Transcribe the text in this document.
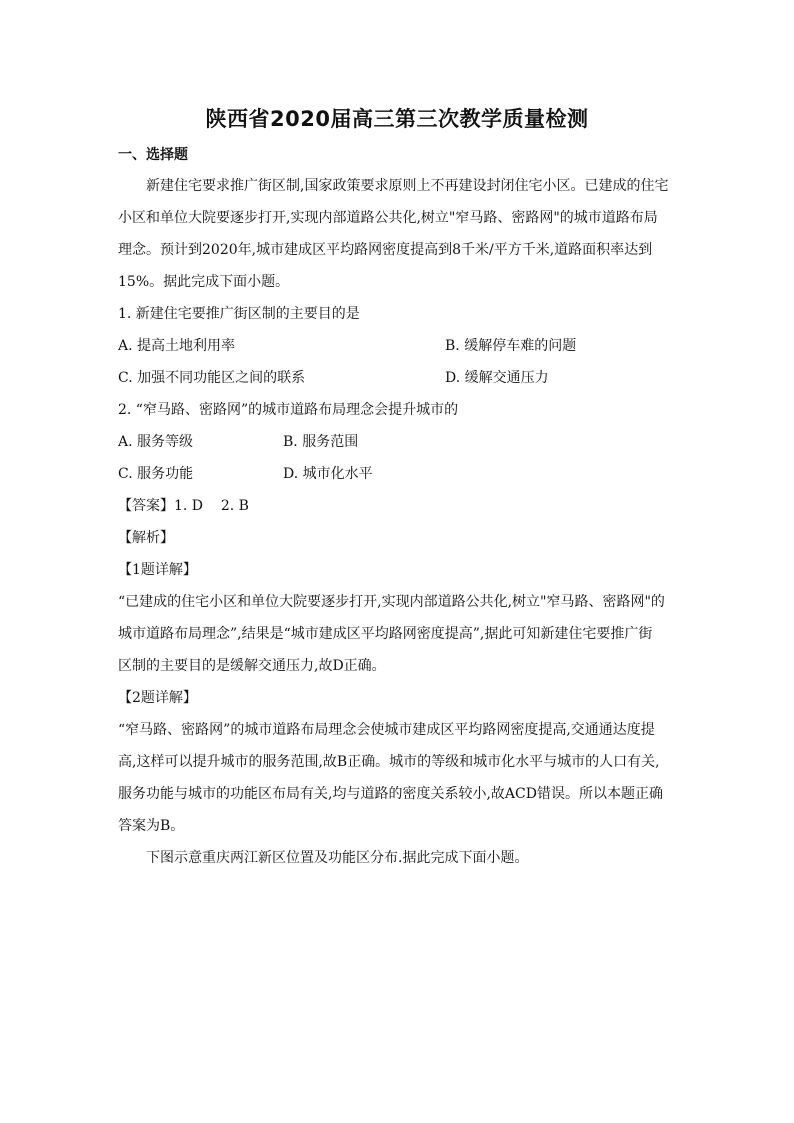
陕西省2020届高三第三次教学质量检测
一、选择题
新建住宅要求推广街区制,国家政策要求原则上不再建设封闭住宅小区。已建成的住宅
小区和单位大院要逐步打开,实现内部道路公共化,树立"窄马路、密路网"的城市道路布局
理念。预计到2020年,城市建成区平均路网密度提高到8千米/平方千米,道路面积率达到
15%。据此完成下面小题。
1. 新建住宅要推广街区制的主要目的是
A. 提高土地利用率	B. 缓解停车难的问题
C. 加强不同功能区之间的联系	D. 缓解交通压力
2. “窄马路、密路网”的城市道路布局理念会提升城市的
A. 服务等级	B. 服务范围
C. 服务功能	D. 城市化水平
【答案】1. D    2. B
【解析】
【1题详解】
“已建成的住宅小区和单位大院要逐步打开,实现内部道路公共化,树立"窄马路、密路网"的
城市道路布局理念”,结果是“城市建成区平均路网密度提高”,据此可知新建住宅要推广街
区制的主要目的是缓解交通压力,故D正确。
【2题详解】
“窄马路、密路网”的城市道路布局理念会使城市建成区平均路网密度提高,交通通达度提
高,这样可以提升城市的服务范围,故B正确。城市的等级和城市化水平与城市的人口有关,
服务功能与城市的功能区布局有关,均与道路的密度关系较小,故ACD错误。所以本题正确
答案为B。
下图示意重庆两江新区位置及功能区分布.据此完成下面小题。
